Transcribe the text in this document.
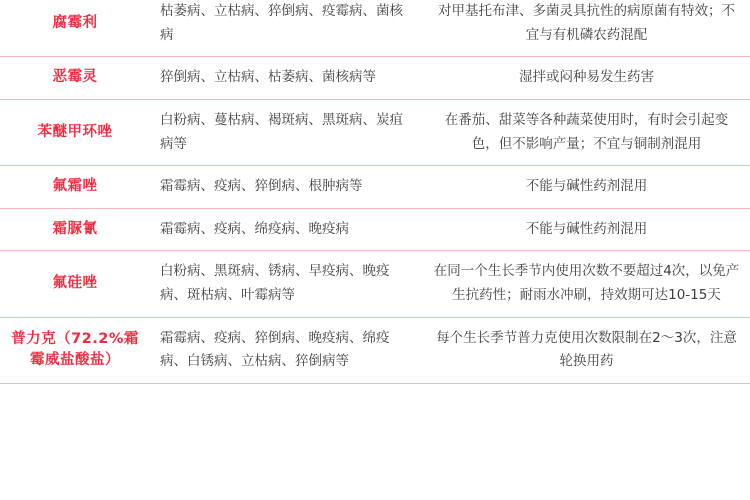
腐霉利	枯萎病、立枯病、猝倒病、疫霉病、菌核病	对甲基托布津、多菌灵具抗性的病原菌有特效；不宜与有机磷农药混配
恶霉灵	猝倒病、立枯病、枯萎病、菌核病等	湿拌或闷种易发生药害
苯醚甲环唑	白粉病、蔓枯病、褐斑病、黑斑病、炭疽病等	在番茄、甜菜等各种蔬菜使用时，有时会引起变色，但不影响产量；不宜与铜制剂混用
氟霜唑	霜霉病、疫病、猝倒病、根肿病等	不能与碱性药剂混用
霜脲氰	霜霉病、疫病、绵疫病、晚疫病	不能与碱性药剂混用
氟硅唑	白粉病、黑斑病、锈病、早疫病、晚疫病、斑枯病、叶霉病等	在同一个生长季节内使用次数不要超过4次，以免产生抗药性；耐雨水冲刷，持效期可达10-15天
普力克（72.2%霜霉威盐酸盐）	霜霉病、疫病、猝倒病、晚疫病、绵疫病、白锈病、立枯病、猝倒病等	每个生长季节普力克使用次数限制在2～3次，注意轮换用药
